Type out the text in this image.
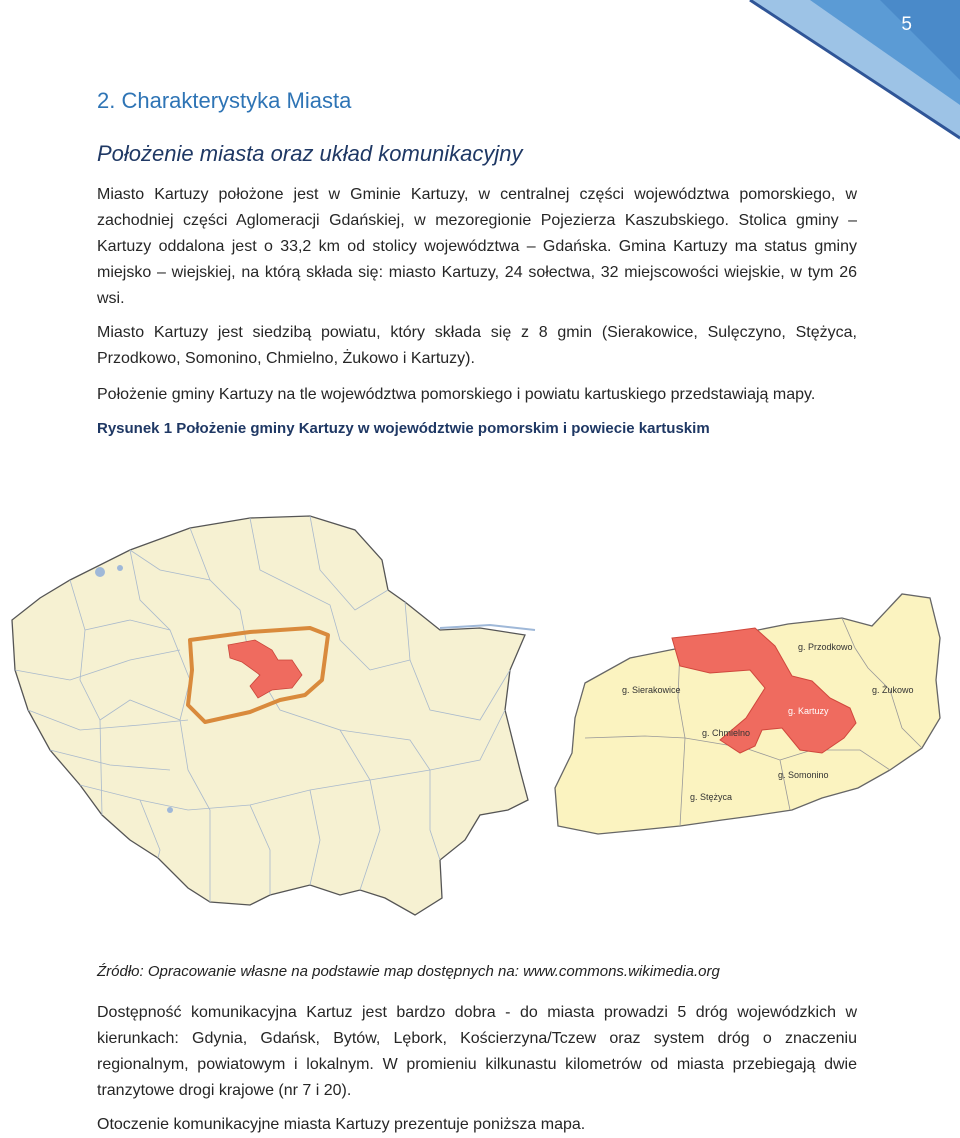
5
2. Charakterystyka Miasta
Położenie miasta oraz układ komunikacyjny

Miasto Kartuzy położone jest w Gminie Kartuzy, w centralnej części województwa pomorskiego, w zachodniej części Aglomeracji Gdańskiej, w mezoregionie Pojezierza Kaszubskiego. Stolica gminy – Kartuzy oddalona jest o 33,2 km od stolicy województwa – Gdańska. Gmina Kartuzy ma status gminy miejsko – wiejskiej, na którą składa się: miasto Kartuzy, 24 sołectwa, 32 miejscowości wiejskie, w tym 26 wsi.

Miasto Kartuzy jest siedzibą powiatu, który składa się z 8 gmin (Sierakowice, Sulęczyno, Stężyca, Przodkowo, Somonino, Chmielno, Żukowo i Kartuzy).

Położenie gminy Kartuzy na tle województwa pomorskiego i powiatu kartuskiego przedstawiają mapy.

Rysunek 1 Położenie gminy Kartuzy w województwie pomorskim i powiecie kartuskim

g. Przodkowo
g. Sierakowice	g. Żukowo
g. Kartuzy
g. Chmielno
g. Somonino
g. Stężyca

Źródło: Opracowanie własne na podstawie map dostępnych na: www.commons.wikimedia.org

Dostępność komunikacyjna Kartuz jest bardzo dobra - do miasta prowadzi 5 dróg wojewódzkich w kierunkach: Gdynia, Gdańsk, Bytów, Lębork, Kościerzyna/Tczew oraz system dróg o znaczeniu regionalnym, powiatowym i lokalnym. W promieniu kilkunastu kilometrów od miasta przebiegają dwie tranzytowe drogi krajowe (nr 7 i 20).

Otoczenie komunikacyjne miasta Kartuzy prezentuje poniższa mapa.
